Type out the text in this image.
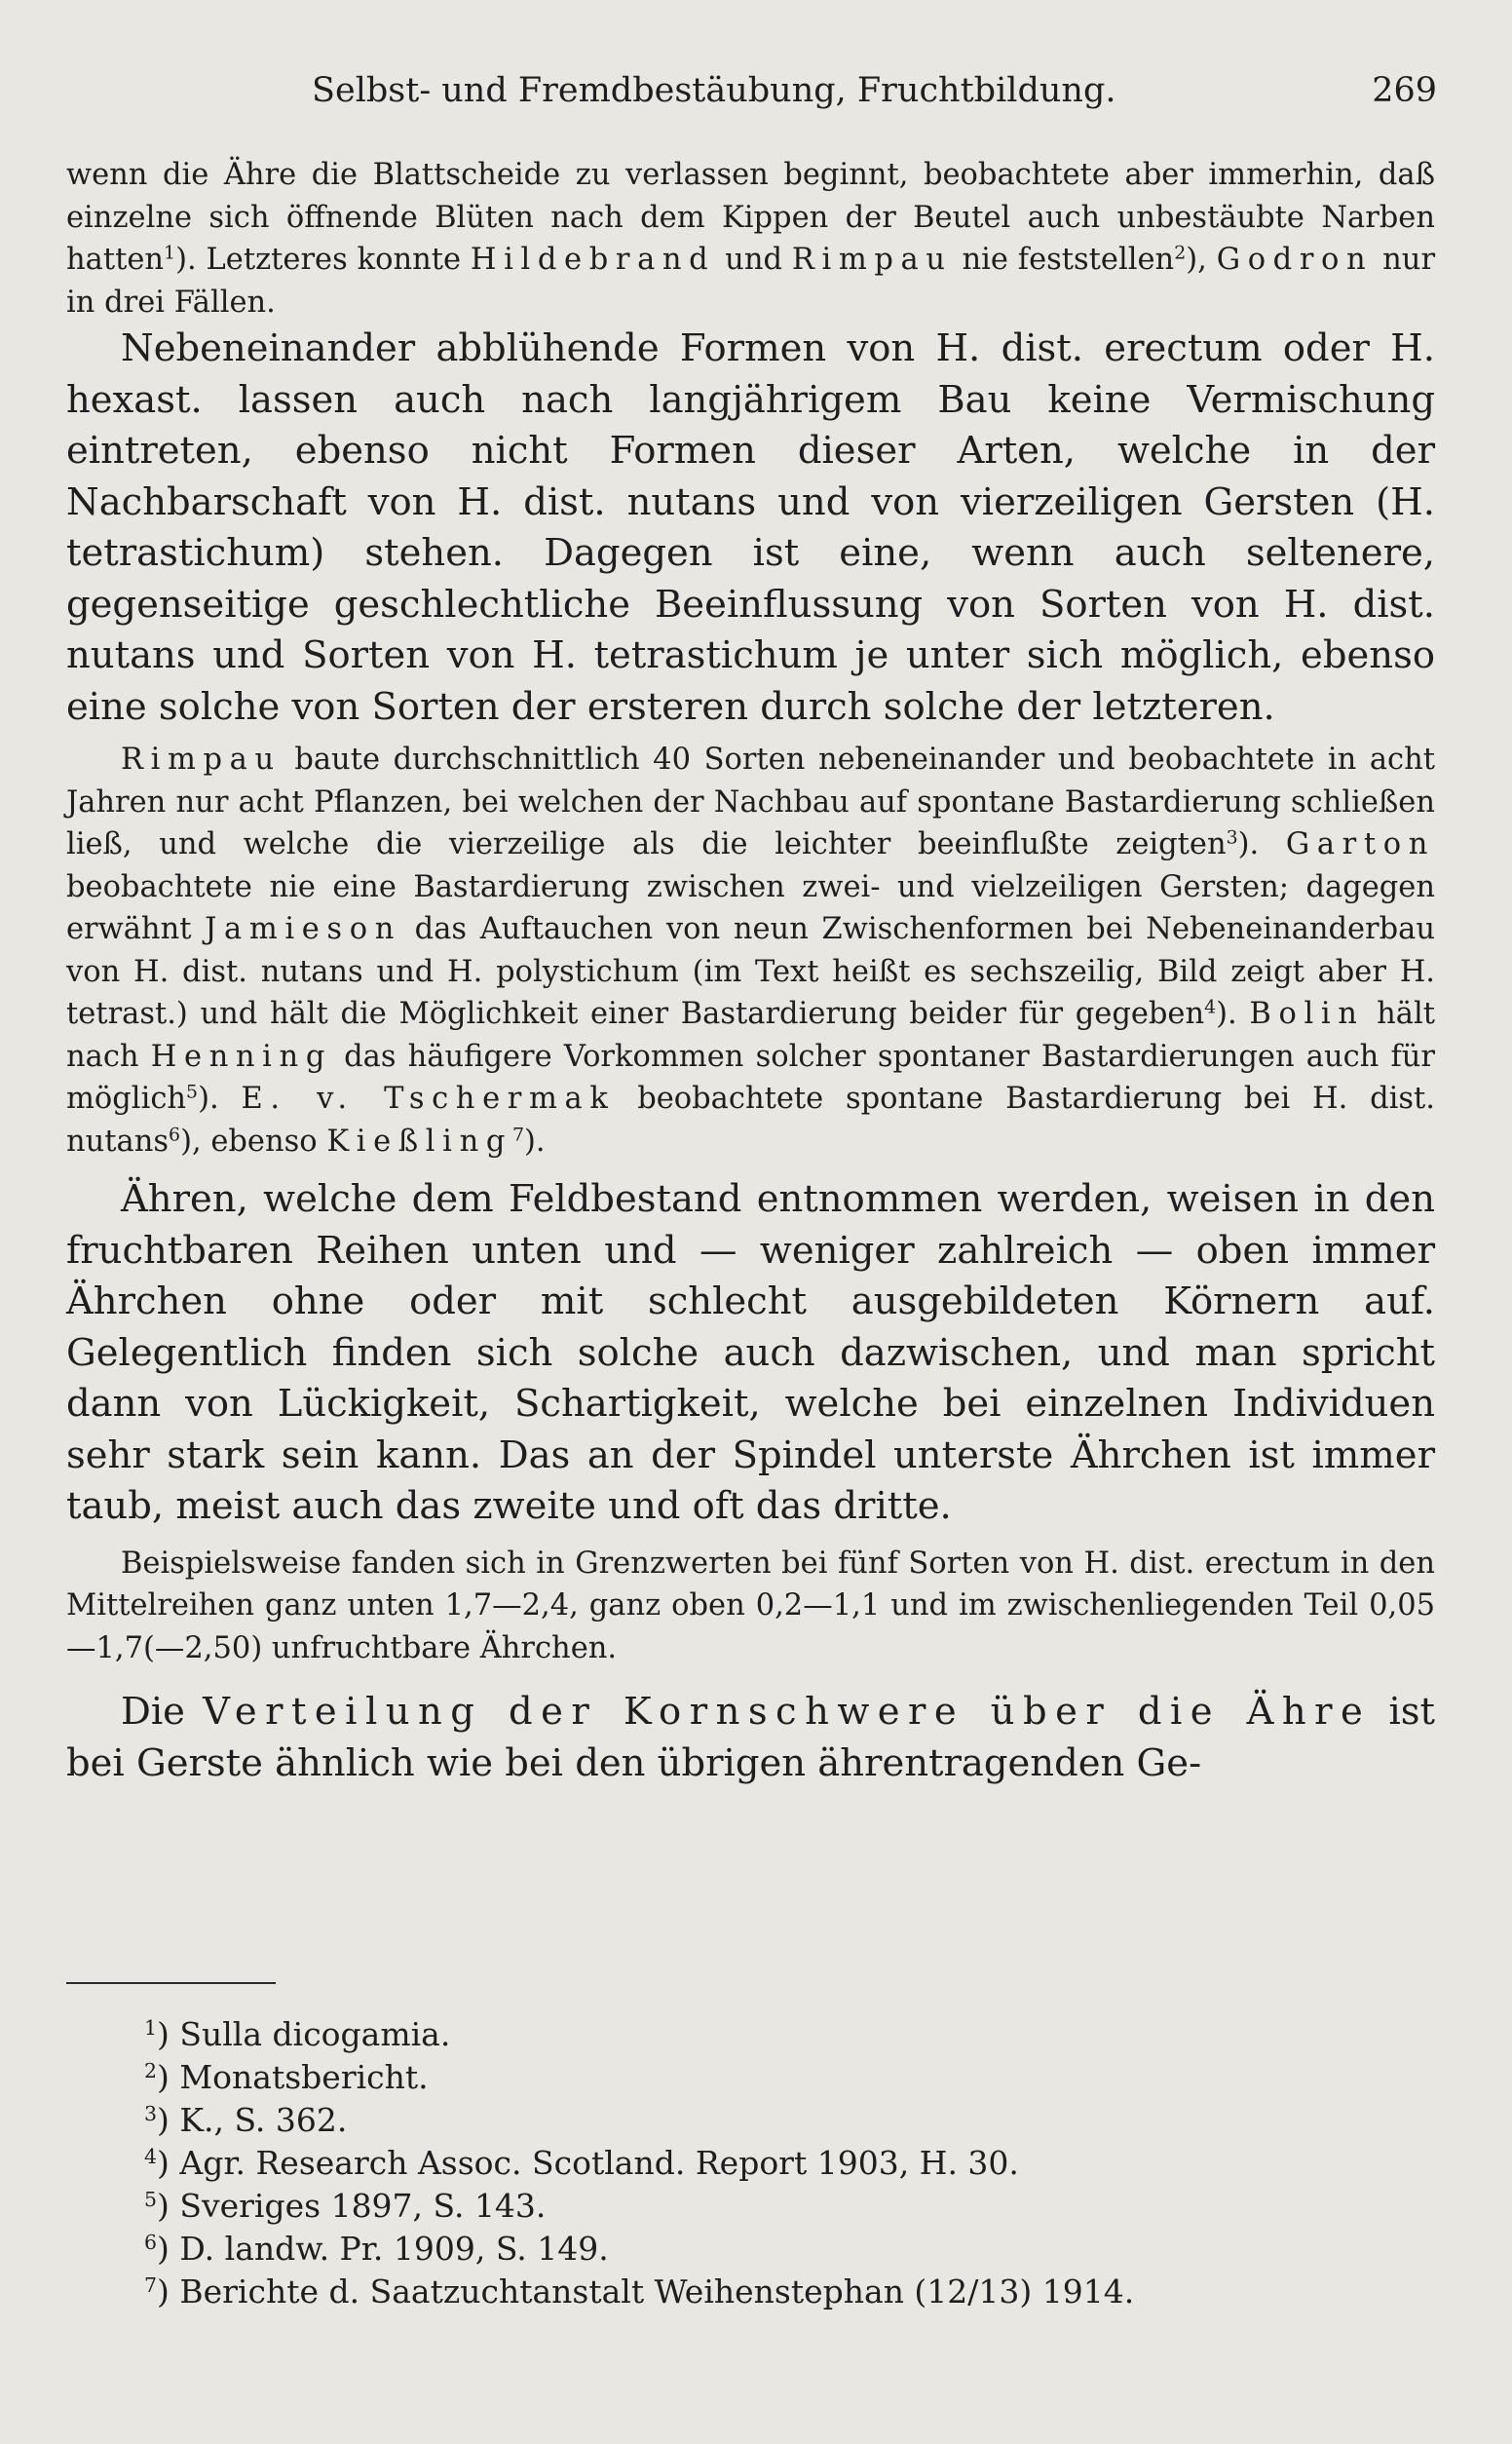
Selbst- und Fremdbestäubung, Fruchtbildung.	269

wenn die Ähre die Blattscheide zu verlassen beginnt, beobachtete aber immerhin, daß einzelne sich öffnende Blüten nach dem Kippen der Beutel auch unbestäubte Narben hatten$^1$). Letzteres konnte Hildebrand und Rimpau nie feststellen$^2$), Godron nur in drei Fällen.

Nebeneinander abblühende Formen von H. dist. erectum oder H. hexast. lassen auch nach langjährigem Bau keine Vermischung eintreten, ebenso nicht Formen dieser Arten, welche in der Nachbarschaft von H. dist. nutans und von vierzeiligen Gersten (H. tetrastichum) stehen. Dagegen ist eine, wenn auch seltenere, gegenseitige geschlechtliche Beeinflussung von Sorten von H. dist. nutans und Sorten von H. tetrastichum je unter sich möglich, ebenso eine solche von Sorten der ersteren durch solche der letzteren.

Rimpau baute durchschnittlich 40 Sorten nebeneinander und beobachtete in acht Jahren nur acht Pflanzen, bei welchen der Nachbau auf spontane Bastardierung schließen ließ, und welche die vierzeilige als die leichter beeinflußte zeigten$^3$). Garton beobachtete nie eine Bastardierung zwischen zwei- und vielzeiligen Gersten; dagegen erwähnt Jamieson das Auftauchen von neun Zwischenformen bei Nebeneinanderbau von H. dist. nutans und H. polystichum (im Text heißt es sechszeilig, Bild zeigt aber H. tetrast.) und hält die Möglichkeit einer Bastardierung beider für gegeben$^4$). Bolin hält nach Henning das häufigere Vorkommen solcher spontaner Bastardierungen auch für möglich$^5$). E. v. Tschermak beobachtete spontane Bastardierung bei H. dist. nutans$^6$), ebenso Kießling$^7$).

Ähren, welche dem Feldbestand entnommen werden, weisen in den fruchtbaren Reihen unten und — weniger zahlreich — oben immer Ährchen ohne oder mit schlecht ausgebildeten Körnern auf. Gelegentlich finden sich solche auch dazwischen, und man spricht dann von Lückigkeit, Schartigkeit, welche bei einzelnen Individuen sehr stark sein kann. Das an der Spindel unterste Ährchen ist immer taub, meist auch das zweite und oft das dritte.

Beispielsweise fanden sich in Grenzwerten bei fünf Sorten von H. dist. erectum in den Mittelreihen ganz unten 1,7—2,4, ganz oben 0,2—1,1 und im zwischenliegenden Teil 0,05—1,7(—2,50) unfruchtbare Ährchen.

Die Verteilung der Kornschwere über die Ähre ist bei Gerste ähnlich wie bei den übrigen ährentragenden Ge-

$^1$) Sulla dicogamia.
$^2$) Monatsbericht.
$^3$) K., S. 362.
$^4$) Agr. Research Assoc. Scotland. Report 1903, H. 30.
$^5$) Sveriges 1897, S. 143.
$^6$) D. landw. Pr. 1909, S. 149.
$^7$) Berichte d. Saatzuchtanstalt Weihenstephan (12/13) 1914.
